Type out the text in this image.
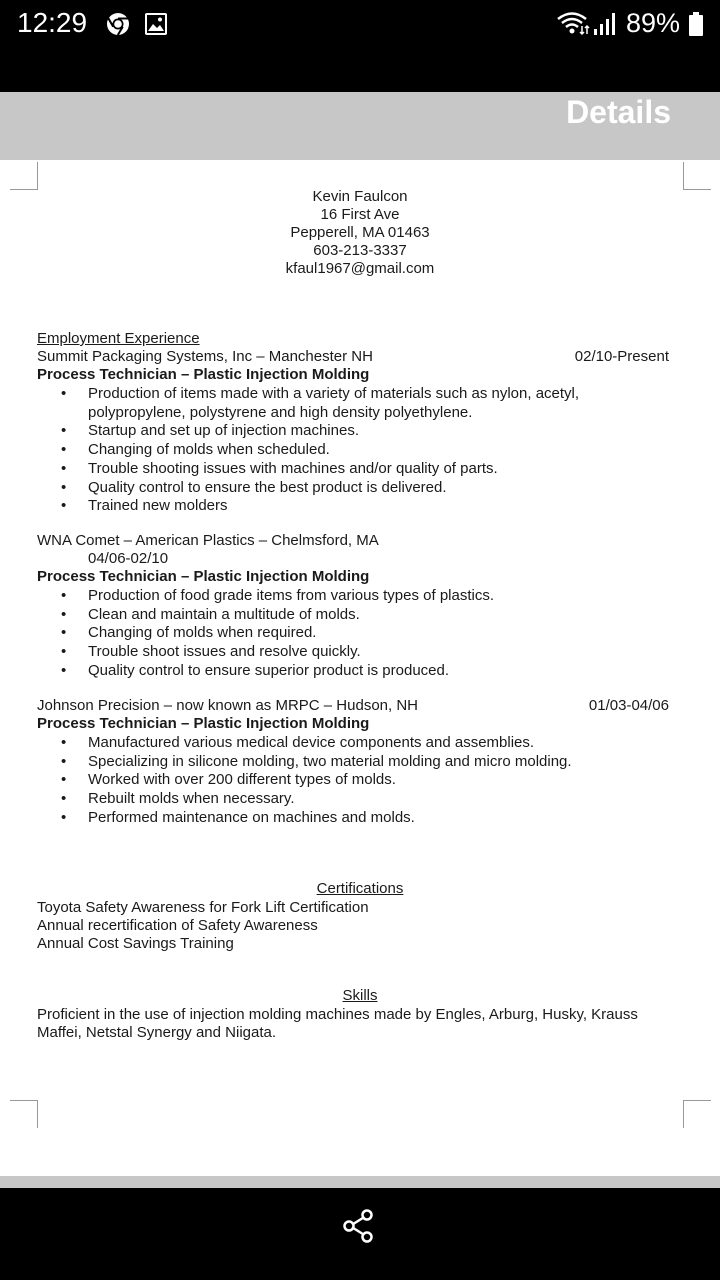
12:29	89%
Details
Kevin Faulcon
16 First Ave
Pepperell, MA 01463
603-213-3337
kfaul1967@gmail.com
Employment Experience
Summit Packaging Systems, Inc – Manchester NH	02/10-Present
Process Technician – Plastic Injection Molding
• Production of items made with a variety of materials such as nylon, acetyl, polypropylene, polystyrene and high density polyethylene.
• Startup and set up of injection machines.
• Changing of molds when scheduled.
• Trouble shooting issues with machines and/or quality of parts.
• Quality control to ensure the best product is delivered.
• Trained new molders
WNA Comet – American Plastics – Chelmsford, MA
04/06-02/10
Process Technician – Plastic Injection Molding
• Production of food grade items from various types of plastics.
• Clean and maintain a multitude of molds.
• Changing of molds when required.
• Trouble shoot issues and resolve quickly.
• Quality control to ensure superior product is produced.
Johnson Precision – now known as MRPC – Hudson, NH	01/03-04/06
Process Technician – Plastic Injection Molding
• Manufactured various medical device components and assemblies.
• Specializing in silicone molding, two material molding and micro molding.
• Worked with over 200 different types of molds.
• Rebuilt molds when necessary.
• Performed maintenance on machines and molds.
Certifications
Toyota Safety Awareness for Fork Lift Certification
Annual recertification of Safety Awareness
Annual Cost Savings Training
Skills
Proficient in the use of injection molding machines made by Engles, Arburg, Husky, Krauss
Maffei, Netstal Synergy and Niigata.
